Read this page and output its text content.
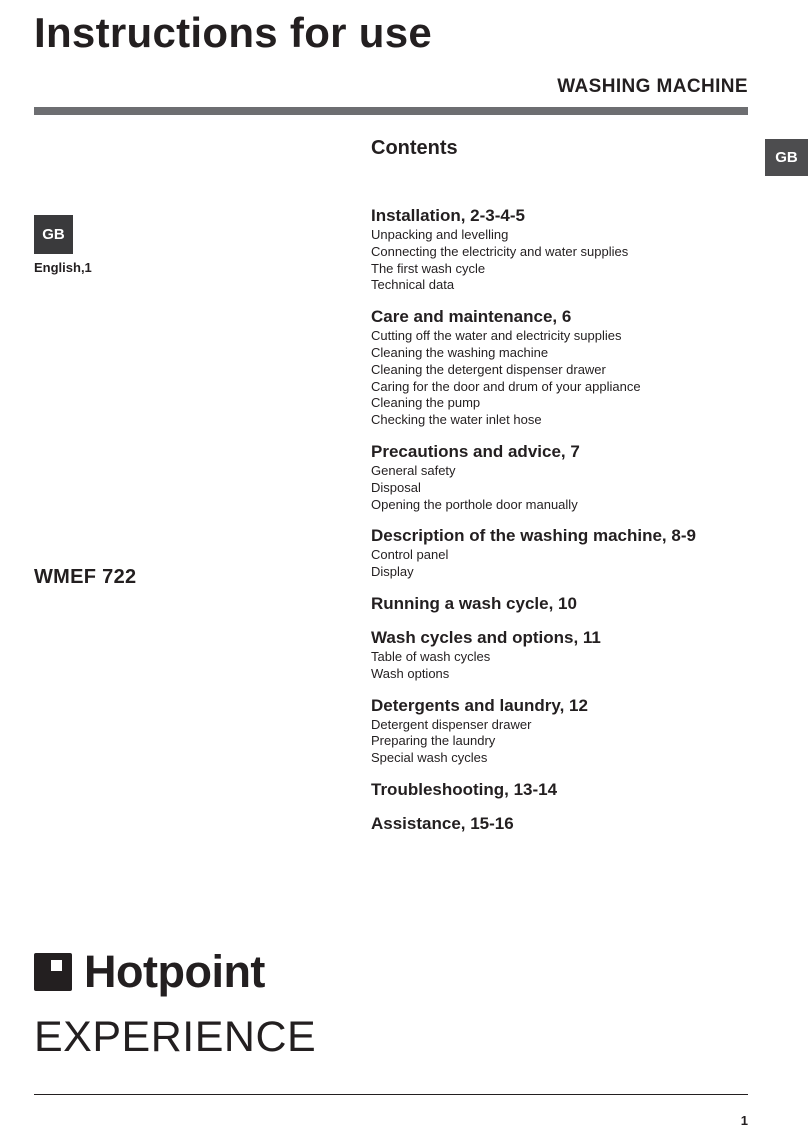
Instructions for use
WASHING MACHINE
GB
GB
English,1
WMEF 722
Contents
Installation, 2-3-4-5
Unpacking and levelling
Connecting the electricity and water supplies
The first wash cycle
Technical data
Care and maintenance, 6
Cutting off the water and electricity supplies
Cleaning the washing machine
Cleaning the detergent dispenser drawer
Caring for the door and drum of your appliance
Cleaning the pump
Checking the water inlet hose
Precautions and advice, 7
General safety
Disposal
Opening the porthole door manually
Description of the washing machine, 8-9
Control panel
Display
Running a wash cycle, 10
Wash cycles and options, 11
Table of wash cycles
Wash options
Detergents and laundry, 12
Detergent dispenser drawer
Preparing the laundry
Special wash cycles
Troubleshooting, 13-14
Assistance, 15-16
Hotpoint
EXPERIENCE
1
